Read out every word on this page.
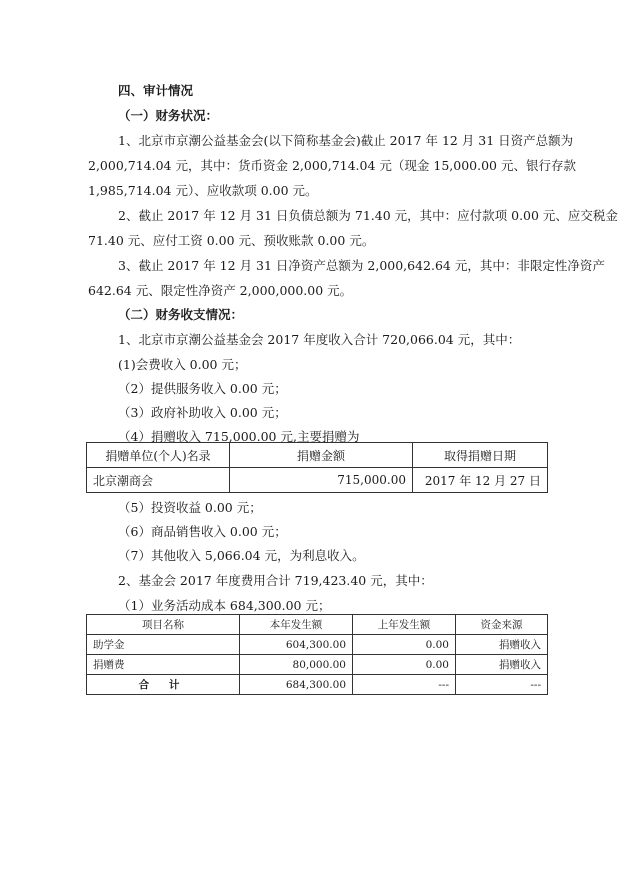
四、审计情况

（一）财务状况：

1、北京市京潮公益基金会(以下简称基金会)截止 2017 年 12 月 31 日资产总额为

2,000,714.04 元，其中：货币资金 2,000,714.04 元（现金 15,000.00 元、银行存款

1,985,714.04 元）、应收款项 0.00 元。

2、截止 2017 年 12 月 31 日负债总额为 71.40 元，其中：应付款项 0.00 元、应交税金

71.40 元、应付工资 0.00 元、预收账款 0.00 元。

3、截止 2017 年 12 月 31 日净资产总额为 2,000,642.64 元，其中：非限定性净资产

642.64 元、限定性净资产 2,000,000.00 元。

（二）财务收支情况：

1、北京市京潮公益基金会 2017 年度收入合计 720,066.04 元，其中：

(1)会费收入 0.00 元；

（2）提供服务收入 0.00 元；

（3）政府补助收入 0.00 元；

（4）捐赠收入 715,000.00 元,主要捐赠为

捐赠单位(个人)名录	捐赠金额	取得捐赠日期
北京潮商会	715,000.00	2017 年 12 月 27 日

（5）投资收益 0.00 元；

（6）商品销售收入 0.00 元；

（7）其他收入 5,066.04 元，为利息收入。

2、基金会 2017 年度费用合计 719,423.40 元，其中：

（1）业务活动成本 684,300.00 元；

项目名称	本年发生额	上年发生额	资金来源
助学金	604,300.00	0.00	捐赠收入
捐赠费	80,000.00	0.00	捐赠收入
合 计	684,300.00	---	---
